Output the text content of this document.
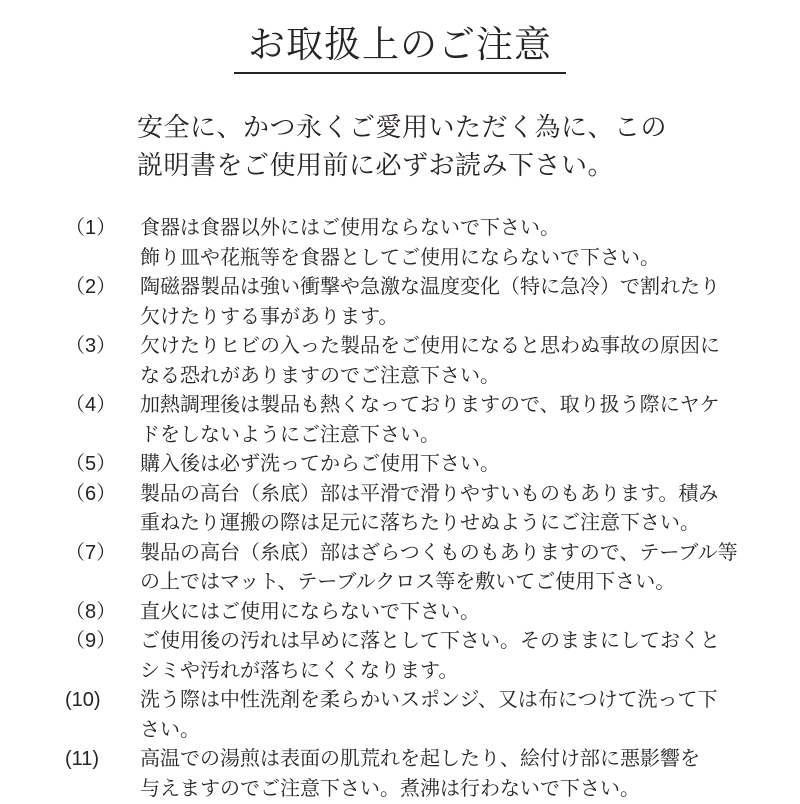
お取扱上のご注意

安全に、かつ永くご愛用いただく為に、この
説明書をご使用前に必ずお読み下さい。

（1）	食器は食器以外にはご使用ならないで下さい。
飾り皿や花瓶等を食器としてご使用にならないで下さい。
（2）	陶磁器製品は強い衝撃や急激な温度変化（特に急冷）で割れたり
欠けたりする事があります。
（3）	欠けたりヒビの入った製品をご使用になると思わぬ事故の原因に
なる恐れがありますのでご注意下さい。
（4）	加熱調理後は製品も熱くなっておりますので、取り扱う際にヤケ
ドをしないようにご注意下さい。
（5）	購入後は必ず洗ってからご使用下さい。
（6）	製品の高台（糸底）部は平滑で滑りやすいものもあります。積み
重ねたり運搬の際は足元に落ちたりせぬようにご注意下さい。
（7）	製品の高台（糸底）部はざらつくものもありますので、テーブル等
の上ではマット、テーブルクロス等を敷いてご使用下さい。
（8）	直火にはご使用にならないで下さい。
（9）	ご使用後の汚れは早めに落として下さい。そのままにしておくと
シミや汚れが落ちにくくなります。
(10)	洗う際は中性洗剤を柔らかいスポンジ、又は布につけて洗って下
さい。
(11)	高温での湯煎は表面の肌荒れを起したり、絵付け部に悪影響を
与えますのでご注意下さい。煮沸は行わないで下さい。
